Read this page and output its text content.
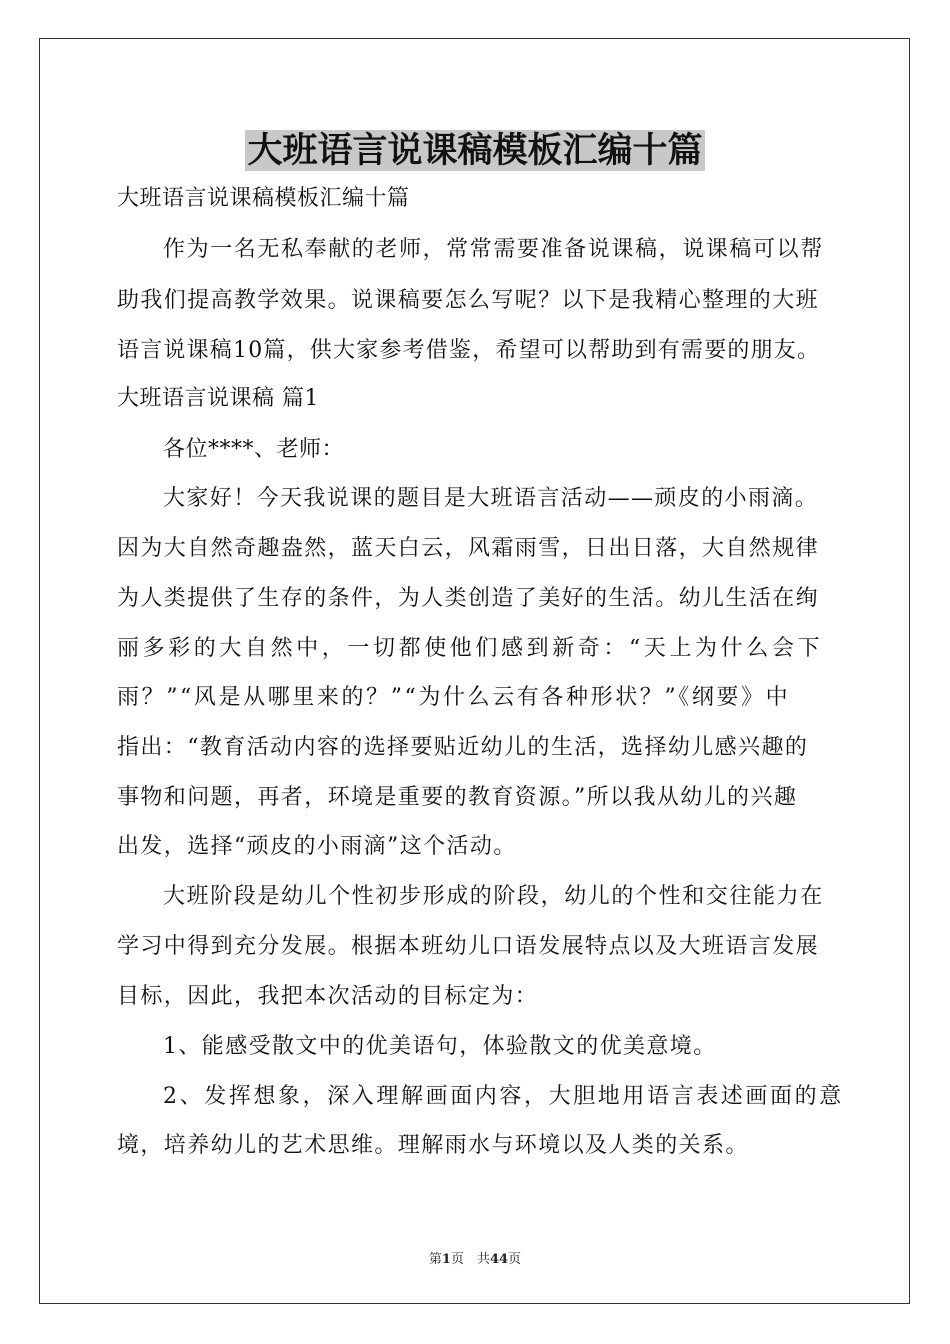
大班语言说课稿模板汇编十篇
大班语言说课稿模板汇编十篇
作为一名无私奉献的老师，常常需要准备说课稿，说课稿可以帮
助我们提高教学效果。说课稿要怎么写呢？以下是我精心整理的大班
语言说课稿10篇，供大家参考借鉴，希望可以帮助到有需要的朋友。
大班语言说课稿 篇1
各位****、老师：
大家好！今天我说课的题目是大班语言活动——顽皮的小雨滴。
因为大自然奇趣盎然，蓝天白云，风霜雨雪，日出日落，大自然规律
为人类提供了生存的条件，为人类创造了美好的生活。幼儿生活在绚
丽多彩的大自然中，一切都使他们感到新奇：“天上为什么会下
雨？”“风是从哪里来的？”“为什么云有各种形状？”《纲要》中
指出：“教育活动内容的选择要贴近幼儿的生活，选择幼儿感兴趣的
事物和问题，再者，环境是重要的教育资源。”所以我从幼儿的兴趣
出发，选择“顽皮的小雨滴”这个活动。
大班阶段是幼儿个性初步形成的阶段，幼儿的个性和交往能力在
学习中得到充分发展。根据本班幼儿口语发展特点以及大班语言发展
目标，因此，我把本次活动的目标定为：
1、能感受散文中的优美语句，体验散文的优美意境。
2、发挥想象，深入理解画面内容，大胆地用语言表述画面的意
境，培养幼儿的艺术思维。理解雨水与环境以及人类的关系。
第1页　共44页
